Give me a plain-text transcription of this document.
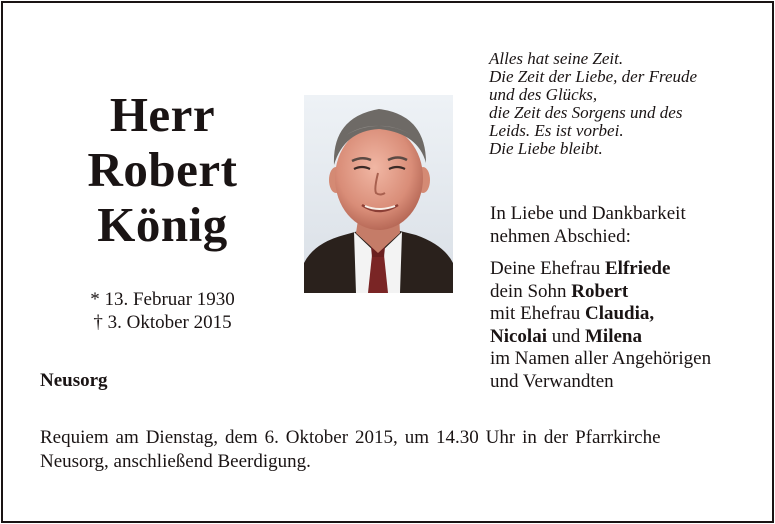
Herr
Robert
König
* 13. Februar 1930
† 3. Oktober 2015
Neusorg
Alles hat seine Zeit.
Die Zeit der Liebe, der Freude
und des Glücks,
die Zeit des Sorgens und des
Leids. Es ist vorbei.
Die Liebe bleibt.
In Liebe und Dankbarkeit
nehmen Abschied:
Deine Ehefrau Elfriede
dein Sohn Robert
mit Ehefrau Claudia,
Nicolai und Milena
im Namen aller Angehörigen
und Verwandten
Requiem am Dienstag, dem 6. Oktober 2015, um 14.30 Uhr in der Pfarrkirche
Neusorg, anschließend Beerdigung.
